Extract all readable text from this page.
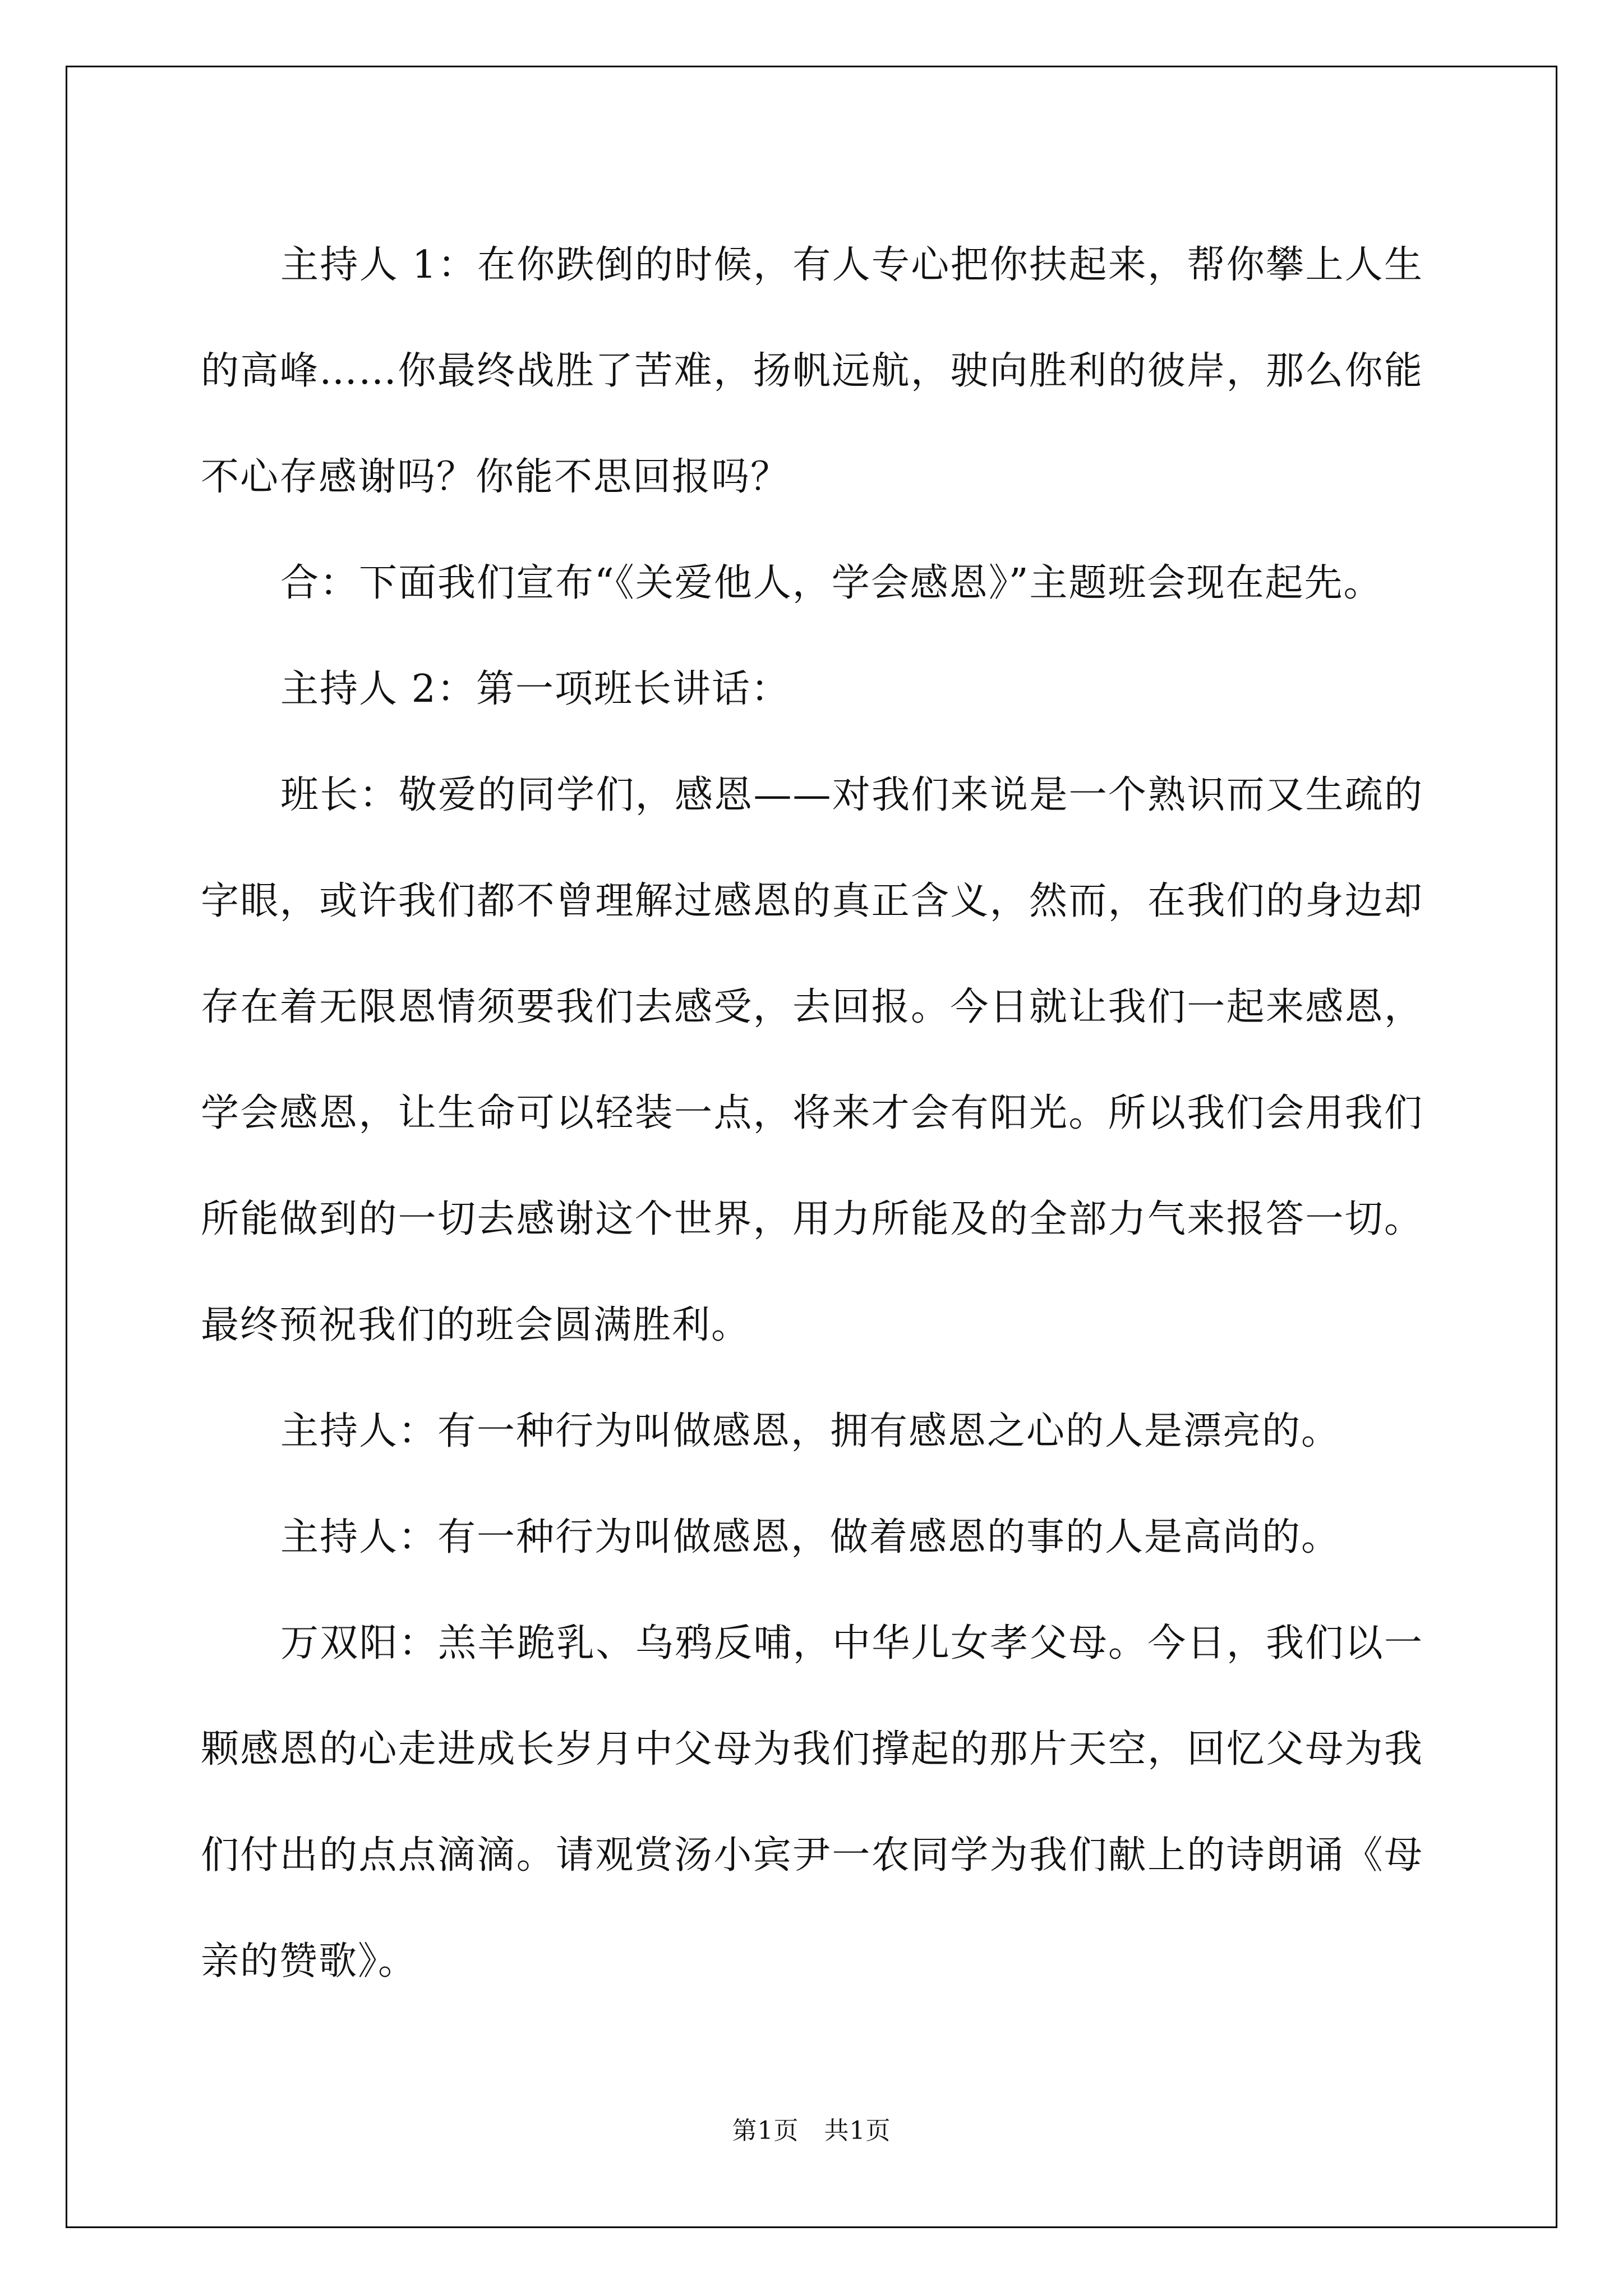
主持人 1：在你跌倒的时候，有人专心把你扶起来，帮你攀上人生的高峰……你最终战胜了苦难，扬帆远航，驶向胜利的彼岸，那么你能不心存感谢吗？你能不思回报吗？

合：下面我们宣布“《关爱他人，学会感恩》”主题班会现在起先。

主持人 2：第一项班长讲话：

班长：敬爱的同学们，感恩——对我们来说是一个熟识而又生疏的字眼，或许我们都不曾理解过感恩的真正含义，然而，在我们的身边却存在着无限恩情须要我们去感受，去回报。今日就让我们一起来感恩，学会感恩，让生命可以轻装一点，将来才会有阳光。所以我们会用我们所能做到的一切去感谢这个世界，用力所能及的全部力气来报答一切。最终预祝我们的班会圆满胜利。

主持人：有一种行为叫做感恩，拥有感恩之心的人是漂亮的。

主持人：有一种行为叫做感恩，做着感恩的事的人是高尚的。

万双阳：羔羊跪乳、乌鸦反哺，中华儿女孝父母。今日，我们以一颗感恩的心走进成长岁月中父母为我们撑起的那片天空，回忆父母为我们付出的点点滴滴。请观赏汤小宾尹一农同学为我们献上的诗朗诵《母亲的赞歌》。

第1页 共1页
